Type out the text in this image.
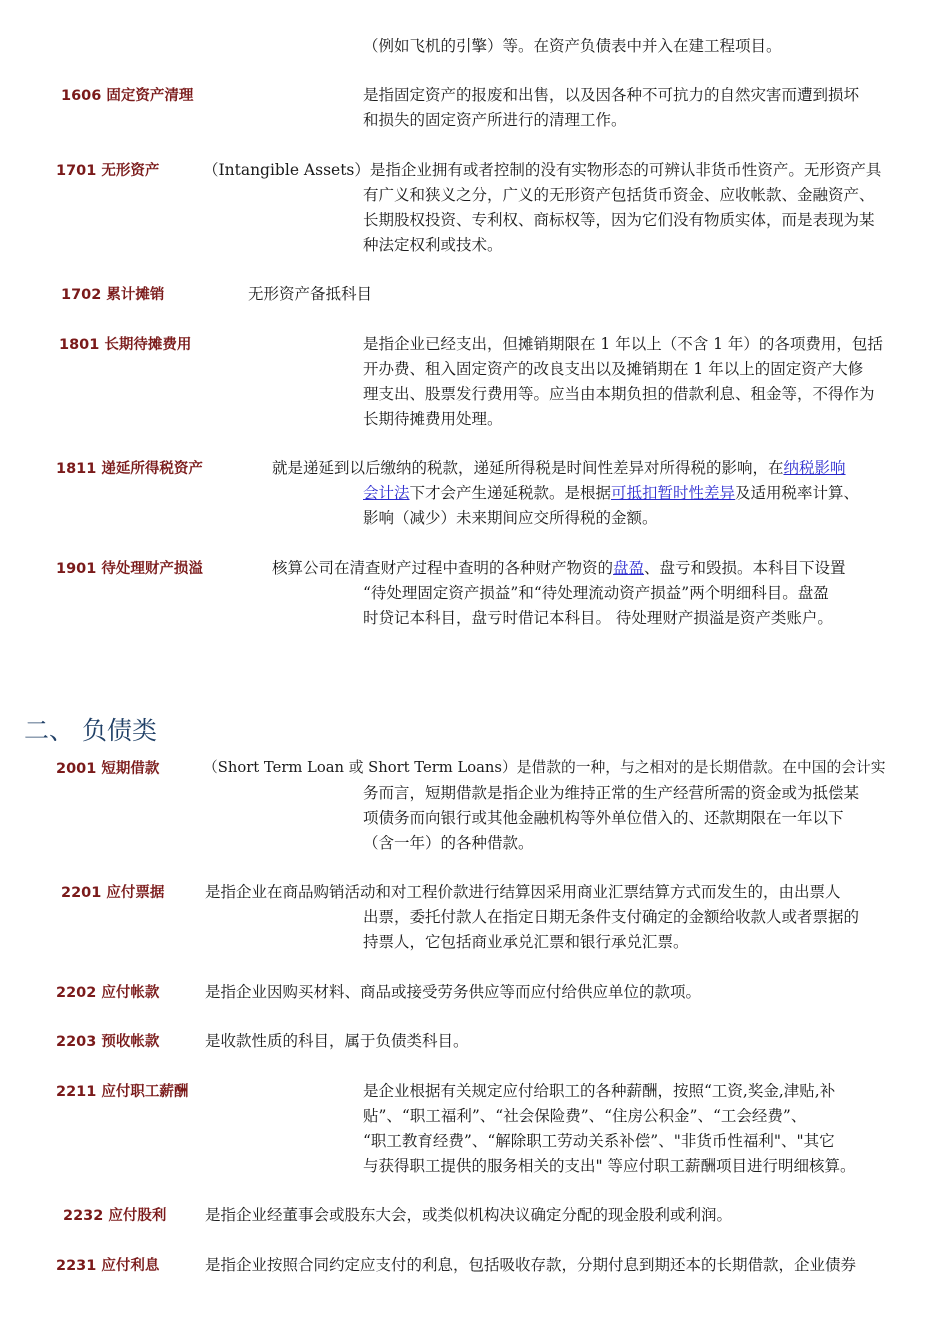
（例如飞机的引擎）等。在资产负债表中并入在建工程项目。
1606 固定资产清理	是指固定资产的报废和出售，以及因各种不可抗力的自然灾害而遭到损坏
和损失的固定资产所进行的清理工作。
1701 无形资产	（Intangible Assets）是指企业拥有或者控制的没有实物形态的可辨认非货币性资产。无形资产具
有广义和狭义之分，广义的无形资产包括货币资金、应收帐款、金融资产、
长期股权投资、专利权、商标权等，因为它们没有物质实体，而是表现为某
种法定权利或技术。
1702 累计摊销	无形资产备抵科目
1801 长期待摊费用	是指企业已经支出，但摊销期限在 1 年以上（不含 1 年）的各项费用，包括
开办费、租入固定资产的改良支出以及摊销期在 1 年以上的固定资产大修
理支出、股票发行费用等。应当由本期负担的借款利息、租金等，不得作为
长期待摊费用处理。
1811 递延所得税资产	就是递延到以后缴纳的税款，递延所得税是时间性差异对所得税的影响，在纳税影响
会计法下才会产生递延税款。是根据可抵扣暂时性差异及适用税率计算、
影响（减少）未来期间应交所得税的金额。
1901 待处理财产损溢	核算公司在清查财产过程中查明的各种财产物资的盘盈、盘亏和毁损。本科目下设置
“待处理固定资产损益”和“待处理流动资产损益”两个明细科目。盘盈
时贷记本科目，盘亏时借记本科目。 待处理财产损溢是资产类账户。
二、 负债类
2001 短期借款	（Short Term Loan 或 Short Term Loans）是借款的一种，与之相对的是长期借款。在中国的会计实
务而言，短期借款是指企业为维持正常的生产经营所需的资金或为抵偿某
项债务而向银行或其他金融机构等外单位借入的、还款期限在一年以下
（含一年）的各种借款。
2201 应付票据	是指企业在商品购销活动和对工程价款进行结算因采用商业汇票结算方式而发生的，由出票人
出票，委托付款人在指定日期无条件支付确定的金额给收款人或者票据的
持票人，它包括商业承兑汇票和银行承兑汇票。
2202 应付帐款	是指企业因购买材料、商品或接受劳务供应等而应付给供应单位的款项。
2203 预收帐款	是收款性质的科目，属于负债类科目。
2211 应付职工薪酬	是企业根据有关规定应付给职工的各种薪酬，按照“工资,奖金,津贴,补
贴”、“职工福利”、“社会保险费”、“住房公积金”、“工会经费”、
“职工教育经费”、“解除职工劳动关系补偿”、"非货币性福利"、"其它
与获得职工提供的服务相关的支出" 等应付职工薪酬项目进行明细核算。
2232 应付股利 是指企业经董事会或股东大会，或类似机构决议确定分配的现金股利或利润。
2231 应付利息	是指企业按照合同约定应支付的利息，包括吸收存款，分期付息到期还本的长期借款，企业债券
